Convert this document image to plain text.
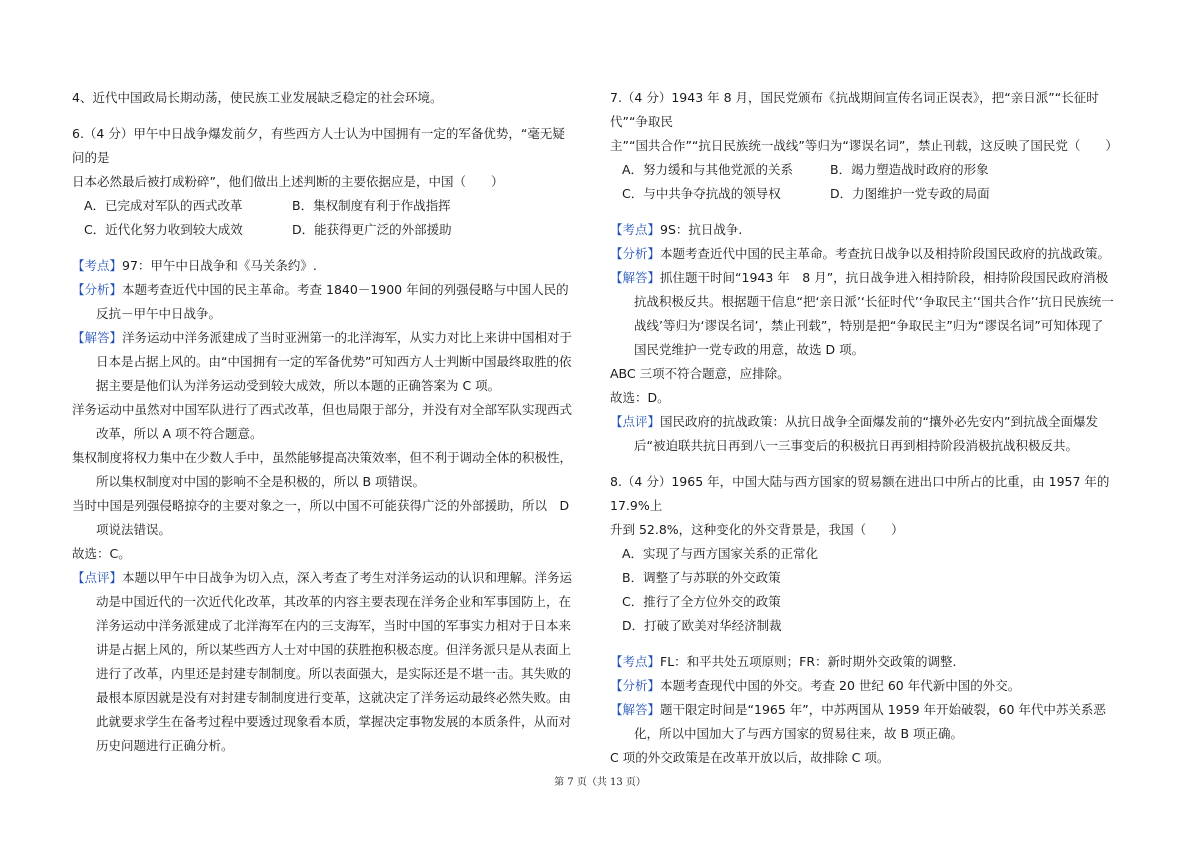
4、近代中国政局长期动荡，使民族工业发展缺乏稳定的社会环境。

6.（4 分）甲午中日战争爆发前夕，有些西方人士认为中国拥有一定的军备优势，“毫无疑问的是
日本必然最后被打成粉碎”，他们做出上述判断的主要依据应是，中国（　　）

A．已完成对军队的西式改革	B．集权制度有利于作战指挥
C．近代化努力收到较大成效	D．能获得更广泛的外部援助

【考点】97：甲午中日战争和《马关条约》.

【分析】本题考查近代中国的民主革命。考查 1840－1900 年间的列强侵略与中国人民的反抗－甲午中日战争。

【解答】洋务运动中洋务派建成了当时亚洲第一的北洋海军，从实力对比上来讲中国相对于日本是占据上风的。由“中国拥有一定的军备优势”可知西方人士判断中国最终取胜的依据主要是他们认为洋务运动受到较大成效，所以本题的正确答案为 C 项。

洋务运动中虽然对中国军队进行了西式改革，但也局限于部分，并没有对全部军队实现西式改革，所以 A 项不符合题意。

集权制度将权力集中在少数人手中，虽然能够提高决策效率，但不利于调动全体的积极性，所以集权制度对中国的影响不全是积极的，所以 B 项错误。

当时中国是列强侵略掠夺的主要对象之一，所以中国不可能获得广泛的外部援助，所以　D　项说法错误。

故选：C。

【点评】本题以甲午中日战争为切入点，深入考查了考生对洋务运动的认识和理解。洋务运动是中国近代的一次近代化改革，其改革的内容主要表现在洋务企业和军事国防上，在洋务运动中洋务派建成了北洋海军在内的三支海军，当时中国的军事实力相对于日本来讲是占据上风的，所以某些西方人士对中国的获胜抱积极态度。但洋务派只是从表面上进行了改革，内里还是封建专制制度。所以表面强大，是实际还是不堪一击。其失败的最根本原因就是没有对封建专制制度进行变革，这就决定了洋务运动最终必然失败。由此就要求学生在备考过程中要透过现象看本质，掌握决定事物发展的本质条件，从而对历史问题进行正确分析。

7.（4 分）1943 年 8 月，国民党颁布《抗战期间宣传名词正误表》，把“亲日派”“长征时代”“争取民
主”“国共合作”“抗日民族统一战线”等归为“谬误名词”，禁止刊载，这反映了国民党（　　）

A．努力缓和与其他党派的关系	B．竭力塑造战时政府的形象
C．与中共争夺抗战的领导权	D．力图维护一党专政的局面

【考点】9S：抗日战争.

【分析】本题考查近代中国的民主革命。考查抗日战争以及相持阶段国民政府的抗战政策。

【解答】抓住题干时间“1943 年　8 月”，抗日战争进入相持阶段，相持阶段国民政府消极抗战积极反共。根据题干信息“把‘亲日派’‘长征时代’‘争取民主’‘国共合作’‘抗日民族统一战线’等归为‘谬误名词’，禁止刊载”，特别是把“争取民主”归为“谬误名词”可知体现了国民党维护一党专政的用意，故选 D 项。

ABC 三项不符合题意，应排除。

故选：D。

【点评】国民政府的抗战政策：从抗日战争全面爆发前的“攘外必先安内”到抗战全面爆发后“被迫联共抗日再到八一三事变后的积极抗日再到相持阶段消极抗战积极反共。

8.（4 分）1965 年，中国大陆与西方国家的贸易额在进出口中所占的比重，由 1957 年的 17.9%上
升到 52.8%，这种变化的外交背景是，我国（　　）

A．实现了与西方国家关系的正常化

B．调整了与苏联的外交政策

C．推行了全方位外交的政策

D．打破了欧美对华经济制裁

【考点】FL：和平共处五项原则；FR：新时期外交政策的调整.

【分析】本题考查现代中国的外交。考查 20 世纪 60 年代新中国的外交。

【解答】题干限定时间是“1965 年”，中苏两国从 1959 年开始破裂，60 年代中苏关系恶化，所以中国加大了与西方国家的贸易往来，故 B 项正确。

C 项的外交政策是在改革开放以后，故排除 C 项。

第 7 页（共 13 页）
